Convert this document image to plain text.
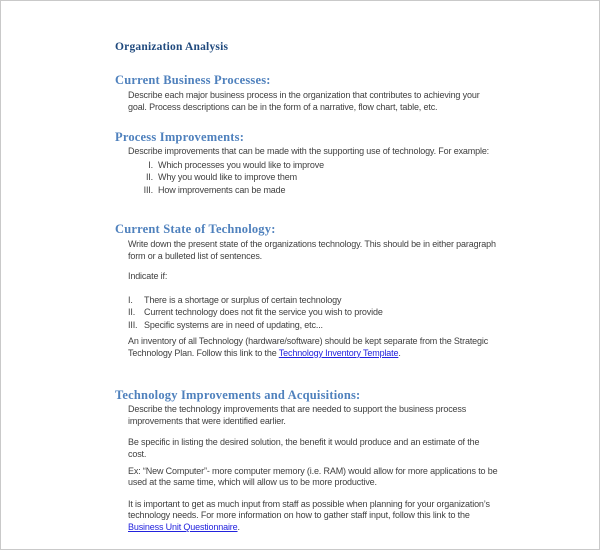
Organization Analysis
Current Business Processes:

Describe each major business process in the organization that contributes to achieving your goal. Process descriptions can be in the form of a narrative, flow chart, table, etc.

Process Improvements:

Describe improvements that can be made with the supporting use of technology. For example:

I. Which processes you would like to improve
II. Why you would like to improve them
III. How improvements can be made
Current State of Technology:

Write down the present state of the organizations technology. This should be in either paragraph form or a bulleted list of sentences.

Indicate if:

I.	There is a shortage or surplus of certain technology
II. Current technology does not fit the service you wish to provide
III. Specific systems are in need of updating, etc...

An inventory of all Technology (hardware/software) should be kept separate from the Strategic Technology Plan. Follow this link to the Technology Inventory Template.

Technology Improvements and Acquisitions:

Describe the technology improvements that are needed to support the business process improvements that were identified earlier.

Be specific in listing the desired solution, the benefit it would produce and an estimate of the cost.

Ex: “New Computer”- more computer memory (i.e. RAM) would allow for more applications to be used at the same time, which will allow us to be more productive.

It is important to get as much input from staff as possible when planning for your organization’s technology needs. For more information on how to gather staff input, follow this link to the Business Unit Questionnaire.
